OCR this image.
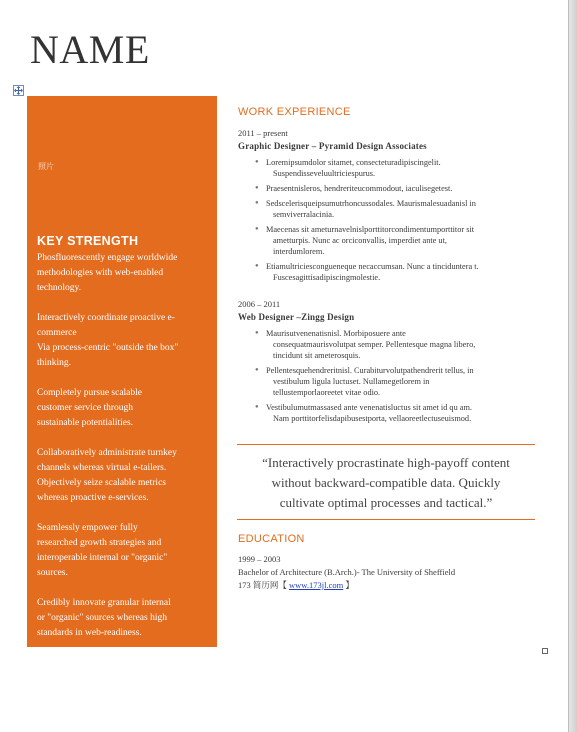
NAME
照片
KEY STRENGTH

Phosfluorescently engage worldwide
methodologies with web-enabled
technology.

Interactively coordinate proactive e-
commerce
Via process-centric "outside the box"
thinking.

Completely pursue scalable
customer service through
sustainable potentialities.

Collaboratively administrate turnkey
channels whereas virtual e-tailers.
Objectively seize scalable metrics
whereas proactive e-services.

Seamlessly empower fully
researched growth strategies and
interoperable internal or "organic"
sources.

Credibly innovate granular internal
or "organic" sources whereas high
standards in web-readiness.

WORK EXPERIENCE

2011 – present

Graphic Designer – Pyramid Design Associates

● Loremipsumdolor sitamet, consecteturadipiscingelit.
Suspendisseveluultriciespurus.
● Praesentnisleros, hendreriteucommodout, iaculisegetest.
● Sedscelerisqueipsumutrhoncussodales. Maurismalesuadanisl in
semviverralacinia.
● Maecenas sit ameturnavelnislporttitorcondimentumporttitor sit
ametturpis. Nunc ac orciconvallis, imperdiet ante ut,
interdumlorem.
● Etiamultriciescongueneque necaccumsan. Nunc a tinciduntera t.
Fuscesagittisadipiscingmolestie.

2006 – 2011

Web Designer –Zingg Design

● Maurisutvenenatisnisl. Morbiposuere ante
consequatmaurisvolutpat semper. Pellentesque magna libero,
tincidunt sit ameterosquis.
● Pellentesquehendreritnisl. Curabiturvolutpathendrerit tellus, in
vestibulum ligula luctuset. Nullamegetlorem in
tellustemporlaoreetet vitae odio.
● Vestibulumutmassased ante venenatisluctus sit amet id qu am.
Nam porttitorfelisdapibusestporta, vellaoreetlectuseuismod.
“Interactively procrastinate high-payoff content
without backward-compatible data. Quickly
cultivate optimal processes and tactical.”
EDUCATION

1999 – 2003

Bachelor of Architecture (B.Arch.)- The University of Sheffield

173 简历网【 www.173jl.com 】
